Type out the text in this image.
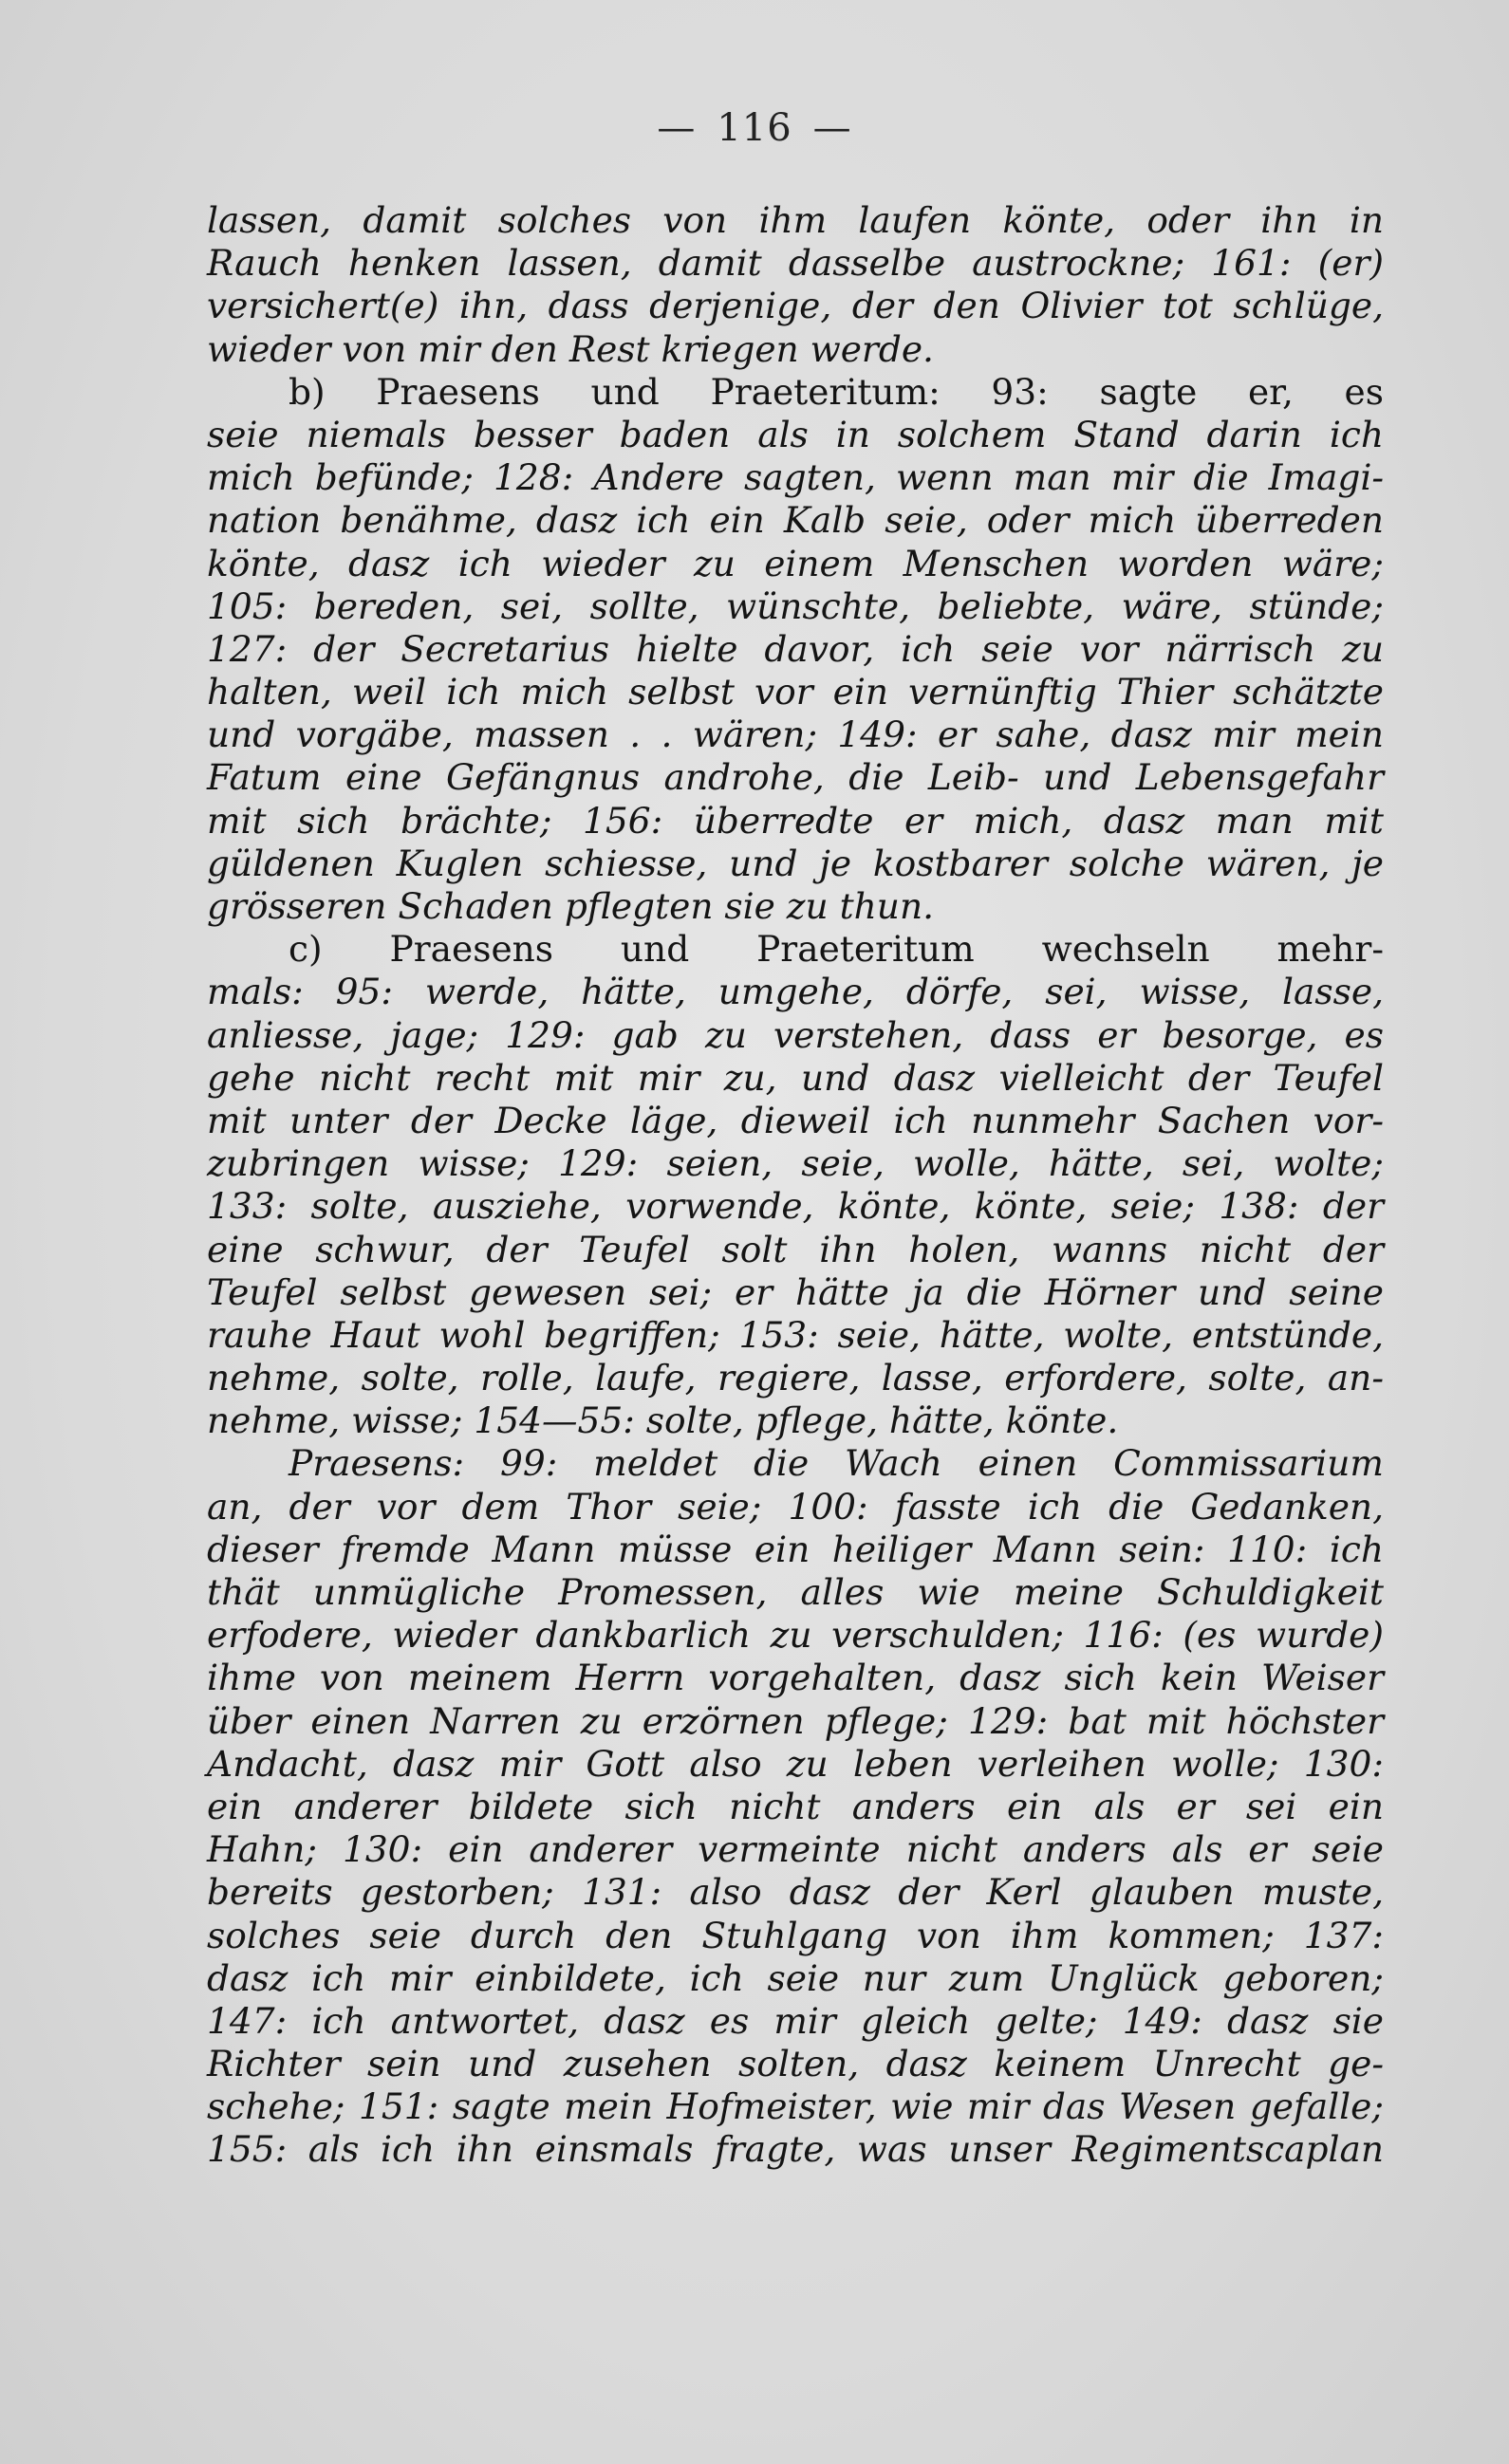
— 116 —
lassen, damit solches von ihm laufen könte, oder ihn in
Rauch henken lassen, damit dasselbe austrockne; 161: (er)
versichert(e) ihn, dass derjenige, der den Olivier tot schlüge,
wieder von mir den Rest kriegen werde.
b) Praesens und Praeteritum: 93: sagte er, es
seie niemals besser baden als in solchem Stand darin ich
mich befünde; 128: Andere sagten, wenn man mir die Imagi-
nation benähme, dasz ich ein Kalb seie, oder mich überreden
könte, dasz ich wieder zu einem Menschen worden wäre;
105: bereden, sei, sollte, wünschte, beliebte, wäre, stünde;
127: der Secretarius hielte davor, ich seie vor närrisch zu
halten, weil ich mich selbst vor ein vernünftig Thier schätzte
und vorgäbe, massen . . wären; 149: er sahe, dasz mir mein
Fatum eine Gefängnus androhe, die Leib- und Lebensgefahr
mit sich brächte; 156: überredte er mich, dasz man mit
güldenen Kuglen schiesse, und je kostbarer solche wären, je
grösseren Schaden pflegten sie zu thun.
c) Praesens und Praeteritum wechseln mehr-
mals: 95: werde, hätte, umgehe, dörfe, sei, wisse, lasse,
anliesse, jage; 129: gab zu verstehen, dass er besorge, es
gehe nicht recht mit mir zu, und dasz vielleicht der Teufel
mit unter der Decke läge, dieweil ich nunmehr Sachen vor-
zubringen wisse; 129: seien, seie, wolle, hätte, sei, wolte;
133: solte, ausziehe, vorwende, könte, könte, seie; 138: der
eine schwur, der Teufel solt ihn holen, wanns nicht der
Teufel selbst gewesen sei; er hätte ja die Hörner und seine
rauhe Haut wohl begriffen; 153: seie, hätte, wolte, entstünde,
nehme, solte, rolle, laufe, regiere, lasse, erfordere, solte, an-
nehme, wisse; 154—55: solte, pflege, hätte, könte.
Praesens: 99: meldet die Wach einen Commissarium
an, der vor dem Thor seie; 100: fasste ich die Gedanken,
dieser fremde Mann müsse ein heiliger Mann sein: 110: ich
thät unmügliche Promessen, alles wie meine Schuldigkeit
erfodere, wieder dankbarlich zu verschulden; 116: (es wurde)
ihme von meinem Herrn vorgehalten, dasz sich kein Weiser
über einen Narren zu erzörnen pflege; 129: bat mit höchster
Andacht, dasz mir Gott also zu leben verleihen wolle; 130:
ein anderer bildete sich nicht anders ein als er sei ein
Hahn; 130: ein anderer vermeinte nicht anders als er seie
bereits gestorben; 131: also dasz der Kerl glauben muste,
solches seie durch den Stuhlgang von ihm kommen; 137:
dasz ich mir einbildete, ich seie nur zum Unglück geboren;
147: ich antwortet, dasz es mir gleich gelte; 149: dasz sie
Richter sein und zusehen solten, dasz keinem Unrecht ge-
schehe; 151: sagte mein Hofmeister, wie mir das Wesen gefalle;
155: als ich ihn einsmals fragte, was unser Regimentscaplan
